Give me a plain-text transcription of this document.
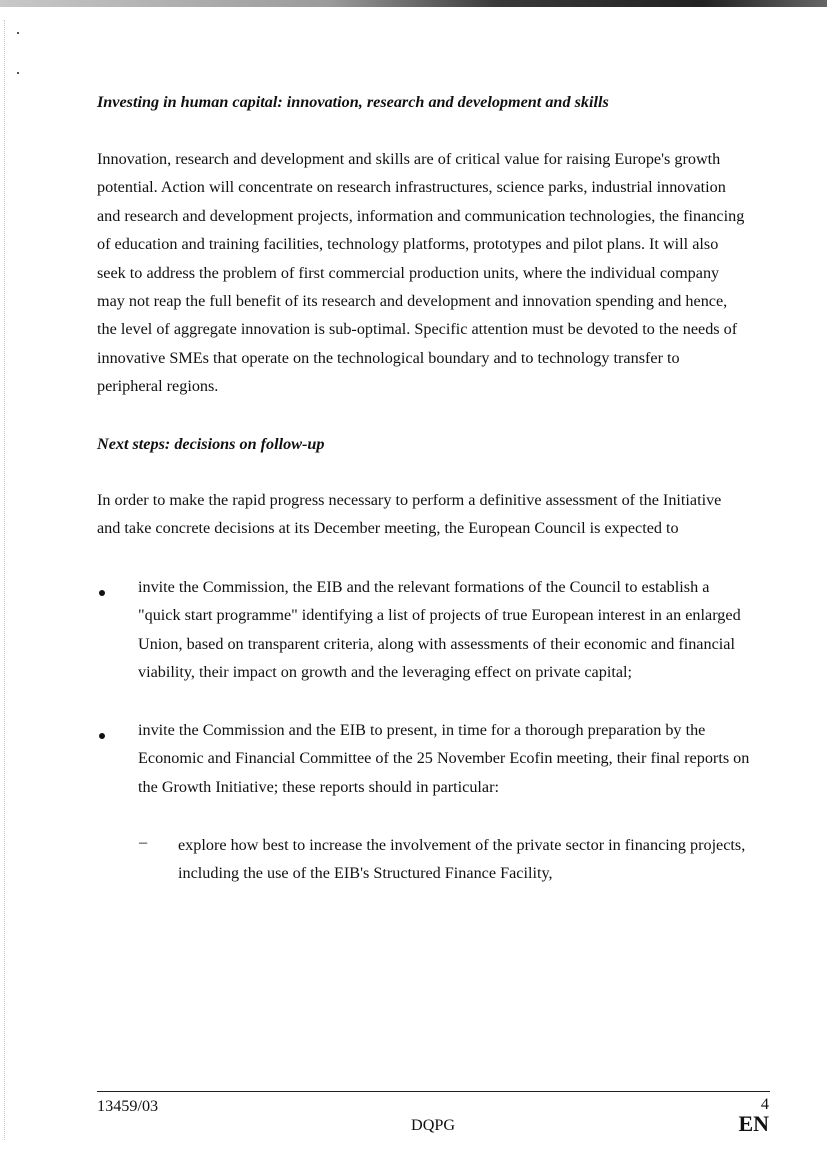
Investing in human capital: innovation, research and development and skills
Innovation, research and development and skills are of critical value for raising Europe's growth
potential. Action will concentrate on research infrastructures, science parks, industrial innovation
and research and development projects, information and communication technologies, the financing
of education and training facilities, technology platforms, prototypes and pilot plans. It will also
seek to address the problem of first commercial production units, where the individual company
may not reap the full benefit of its research and development and innovation spending and hence,
the level of aggregate innovation is sub-optimal. Specific attention must be devoted to the needs of
innovative SMEs that operate on the technological boundary and to technology transfer to
peripheral regions.
Next steps: decisions on follow-up
In order to make the rapid progress necessary to perform a definitive assessment of the Initiative
and take concrete decisions at its December meeting, the European Council is expected to
invite the Commission, the EIB and the relevant formations of the Council to establish a
"quick start programme" identifying a list of projects of true European interest in an enlarged
Union, based on transparent criteria, along with assessments of their economic and financial
viability, their impact on growth and the leveraging effect on private capital;
invite the Commission and the EIB to present, in time for a thorough preparation by the
Economic and Financial Committee of the 25 November Ecofin meeting, their final reports on
the Growth Initiative; these reports should in particular:
– explore how best to increase the involvement of the private sector in financing projects,
including the use of the EIB's Structured Finance Facility,
13459/03
DQPG
4
EN
